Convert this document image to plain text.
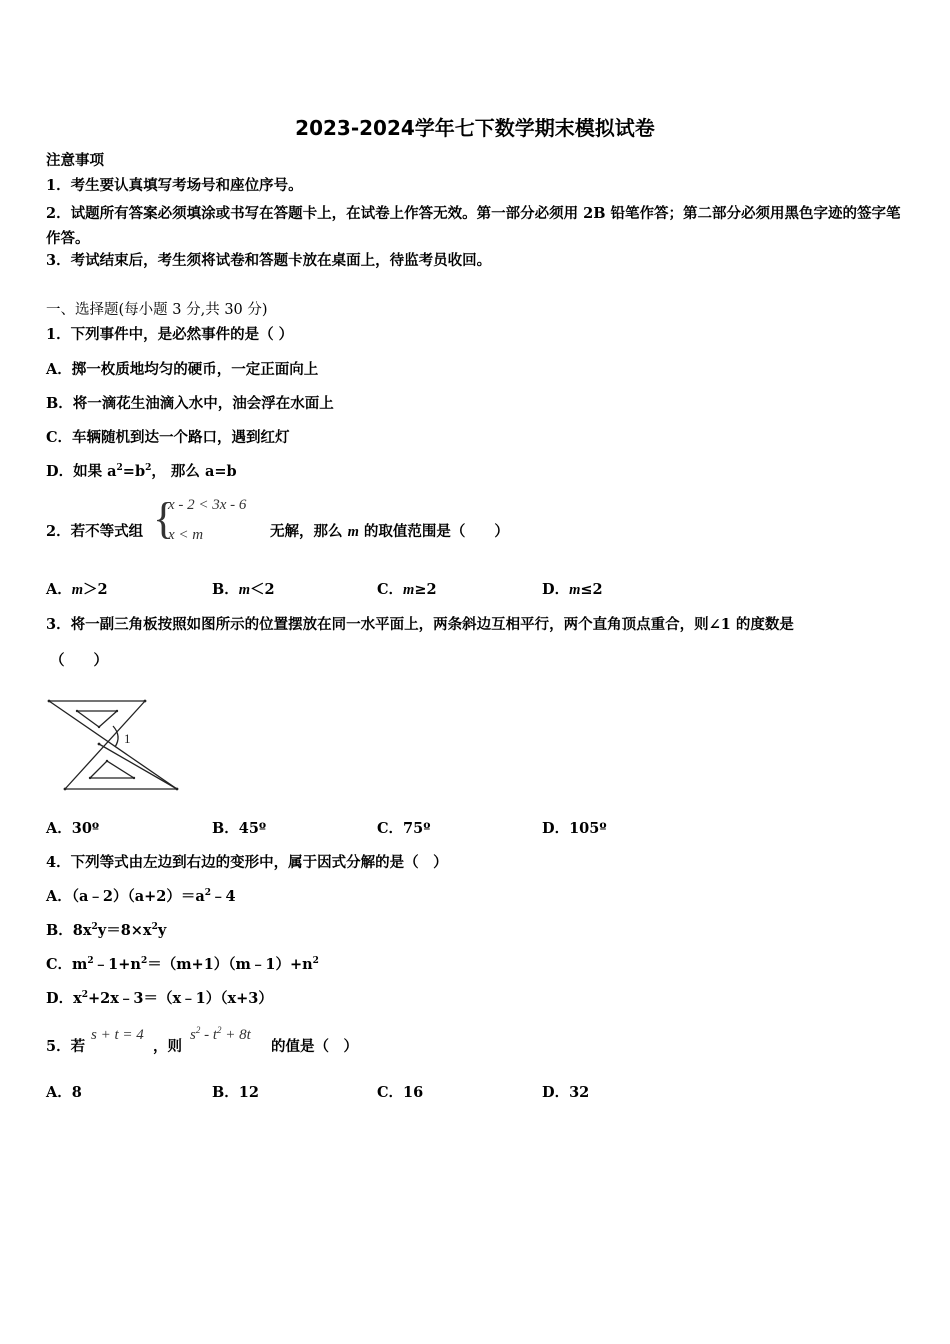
2023-2024学年七下数学期末模拟试卷
注意事项
1．考生要认真填写考场号和座位序号。
2．试题所有答案必须填涂或书写在答题卡上，在试卷上作答无效。第一部分必须用 2B 铅笔作答；第二部分必须用黑色字迹的签字笔作答。
3．考试结束后，考生须将试卷和答题卡放在桌面上，待监考员收回。
一、选择题(每小题 3 分,共 30 分)
1．下列事件中，是必然事件的是（ ）
A．掷一枚质地均匀的硬币，一定正面向上
B．将一滴花生油滴入水中，油会浮在水面上
C．车辆随机到达一个路口，遇到红灯
D．如果 $a^2=b^2$， 那么 a=b
2．若不等式组 {
x - 2 < 3x - 6
x < m	无解，那么 m 的取值范围是（　　）
A．m＞2	B．m＜2	C．m≥2	D．m≤2
3．将一副三角板按照如图所示的位置摆放在同一水平面上，两条斜边互相平行，两个直角顶点重合，则∠1 的度数是
（　　）
1
A．30º	B．45º	C．75º	D．105º
4．下列等式由左边到右边的变形中，属于因式分解的是（　）
A．$(a﹣2)(a+2)=a^2﹣4$
B．$8x^2y=8\times x^2y$
C．$m^2﹣1+n^2=(m+1)(m﹣1)+n^2$
D．$x^2+2x﹣3=(x﹣1)(x+3)$
5．若
s + t = 4
，则
$s^2 - t^2 + 8t$
的值是（　）
A．8	B．12	C．16	D．32
